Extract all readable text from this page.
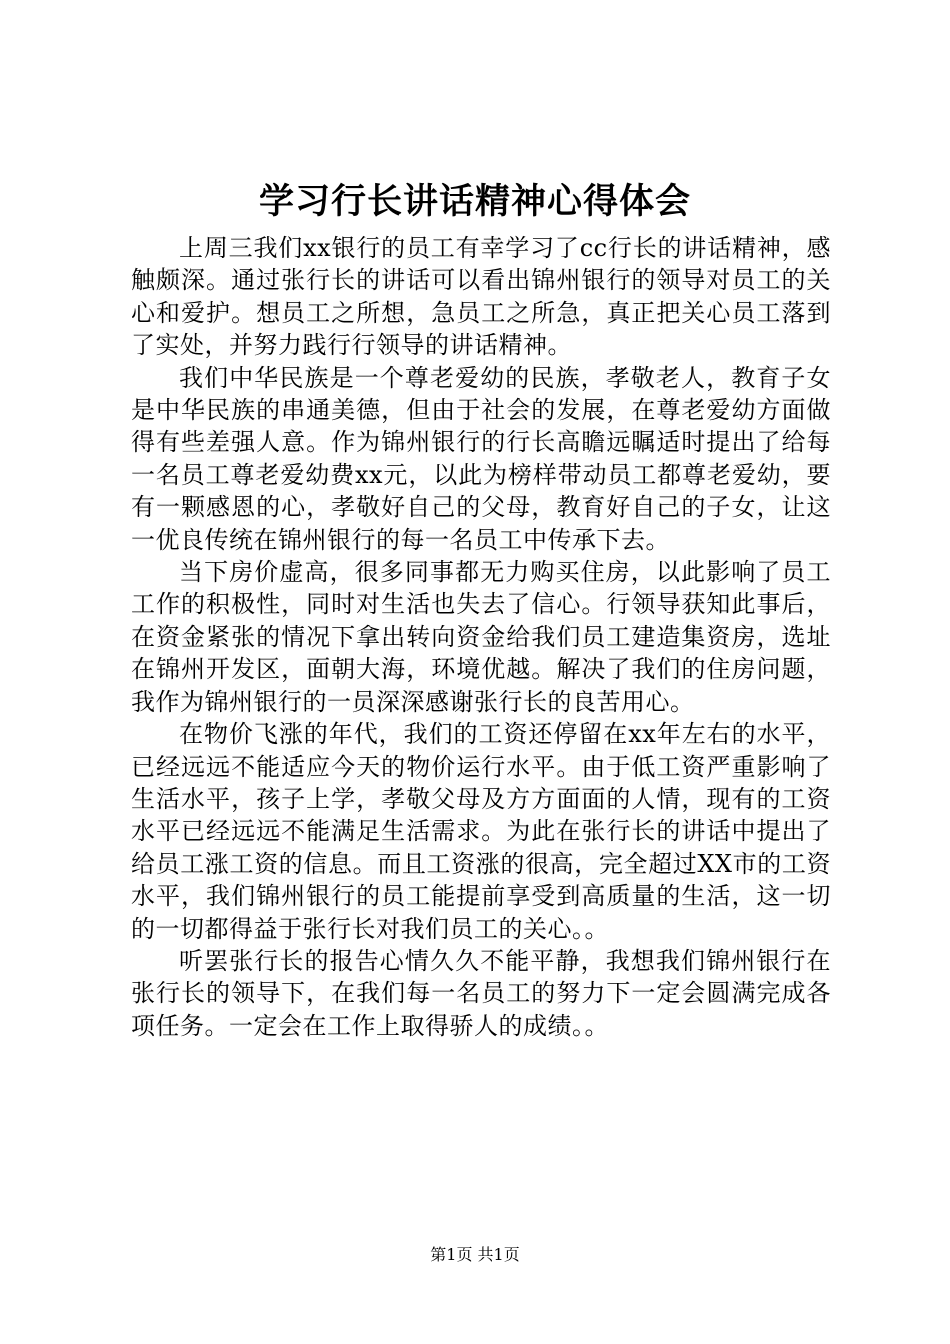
学习行长讲话精神心得体会

上周三我们xx银行的员工有幸学习了cc行长的讲话精神，感触颇深。通过张行长的讲话可以看出锦州银行的领导对员工的关心和爱护。想员工之所想，急员工之所急，真正把关心员工落到了实处，并努力践行行领导的讲话精神。

我们中华民族是一个尊老爱幼的民族，孝敬老人，教育子女是中华民族的串通美德，但由于社会的发展，在尊老爱幼方面做得有些差强人意。作为锦州银行的行长高瞻远瞩适时提出了给每一名员工尊老爱幼费xx元，以此为榜样带动员工都尊老爱幼，要有一颗感恩的心，孝敬好自己的父母，教育好自己的子女，让这一优良传统在锦州银行的每一名员工中传承下去。

当下房价虚高，很多同事都无力购买住房，以此影响了员工工作的积极性，同时对生活也失去了信心。行领导获知此事后，在资金紧张的情况下拿出转向资金给我们员工建造集资房，选址在锦州开发区，面朝大海，环境优越。解决了我们的住房问题，我作为锦州银行的一员深深感谢张行长的良苦用心。

在物价飞涨的年代，我们的工资还停留在xx年左右的水平，已经远远不能适应今天的物价运行水平。由于低工资严重影响了生活水平，孩子上学，孝敬父母及方方面面的人情，现有的工资水平已经远远不能满足生活需求。为此在张行长的讲话中提出了给员工涨工资的信息。而且工资涨的很高，完全超过XX市的工资水平，我们锦州银行的员工能提前享受到高质量的生活，这一切的一切都得益于张行长对我们员工的关心。。

听罢张行长的报告心情久久不能平静，我想我们锦州银行在张行长的领导下，在我们每一名员工的努力下一定会圆满完成各项任务。一定会在工作上取得骄人的成绩。。

第1页 共1页
